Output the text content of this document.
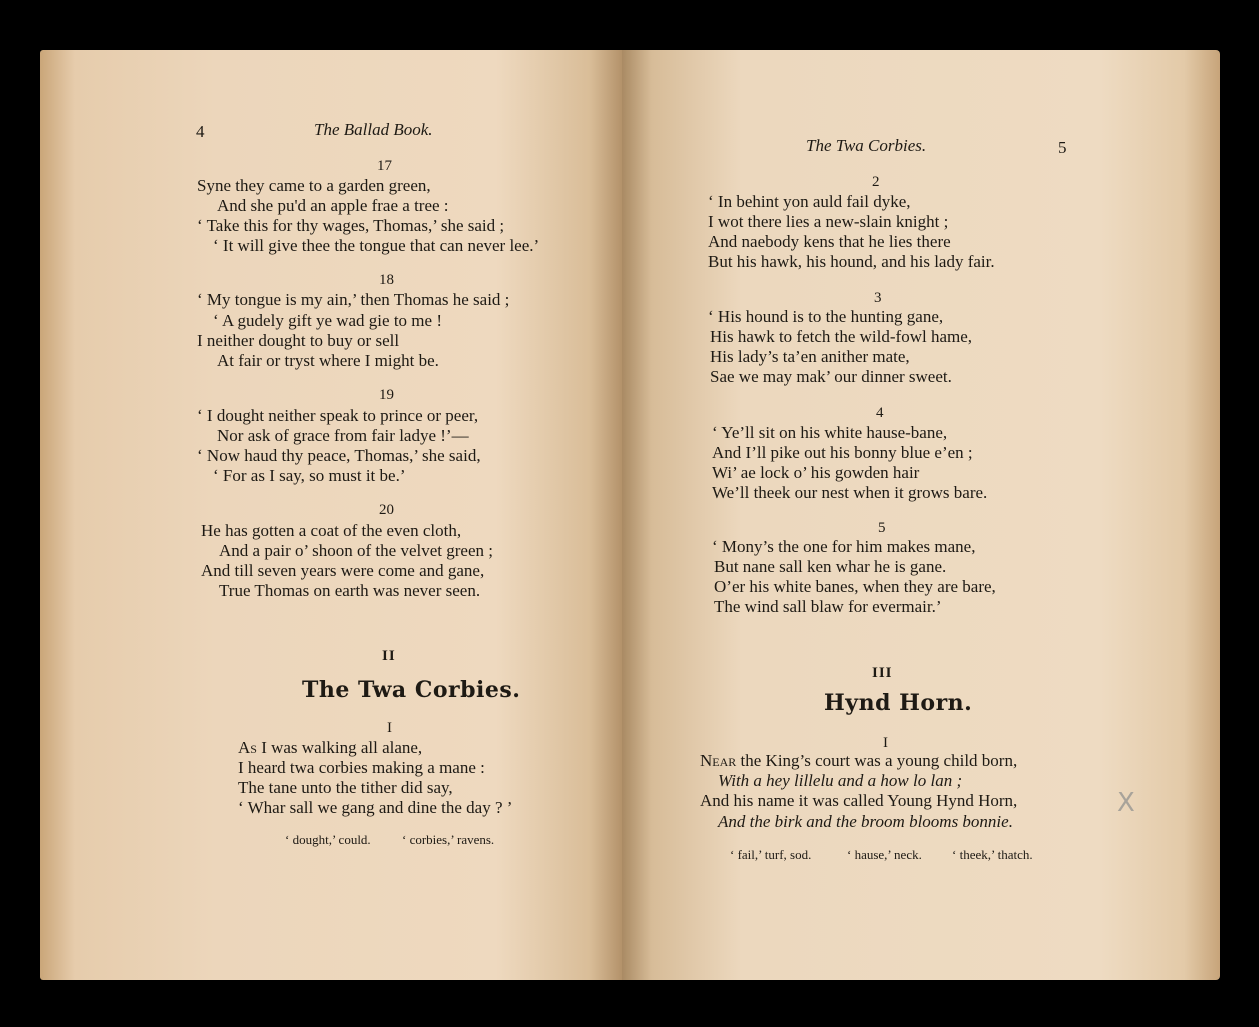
4	The Ballad Book.
17
Syne they came to a garden green,
And she pu'd an apple frae a tree :
‘ Take this for thy wages, Thomas,’ she said ;
‘ It will give thee the tongue that can never lee.’
18
‘ My tongue is my ain,’ then Thomas he said ;
‘ A gudely gift ye wad gie to me !
I neither dought to buy or sell
At fair or tryst where I might be.
19
‘ I dought neither speak to prince or peer,
Nor ask of grace from fair ladye !’—
‘ Now haud thy peace, Thomas,’ she said,
‘ For as I say, so must it be.’
20
He has gotten a coat of the even cloth,
And a pair o’ shoon of the velvet green ;
And till seven years were come and gane,
True Thomas on earth was never seen.
II
The Twa Corbies.
I
As I was walking all alane,
I heard twa corbies making a mane :
The tane unto the tither did say,
‘ Whar sall we gang and dine the day ? ’
‘ dought,’ could. ‘ corbies,’ ravens.
The Twa Corbies.	5
2
‘ In behint yon auld fail dyke,
I wot there lies a new-slain knight ;
And naebody kens that he lies there
But his hawk, his hound, and his lady fair.
3
‘ His hound is to the hunting gane,
His hawk to fetch the wild-fowl hame,
His lady’s ta’en anither mate,
Sae we may mak’ our dinner sweet.
4
‘ Ye’ll sit on his white hause-bane,
And I’ll pike out his bonny blue e’en ;
Wi’ ae lock o’ his gowden hair
We’ll theek our nest when it grows bare.
5
‘ Mony’s the one for him makes mane,
But nane sall ken whar he is gane.
O’er his white banes, when they are bare,
The wind sall blaw for evermair.’
III
Hynd Horn.
I
Near the King’s court was a young child born,
With a hey lillelu and a how lo lan ;
And his name it was called Young Hynd Horn,
And the birk and the broom blooms bonnie.
‘ fail,’ turf, sod.	‘ hause,’ neck. ‘ theek,’ thatch.
X
